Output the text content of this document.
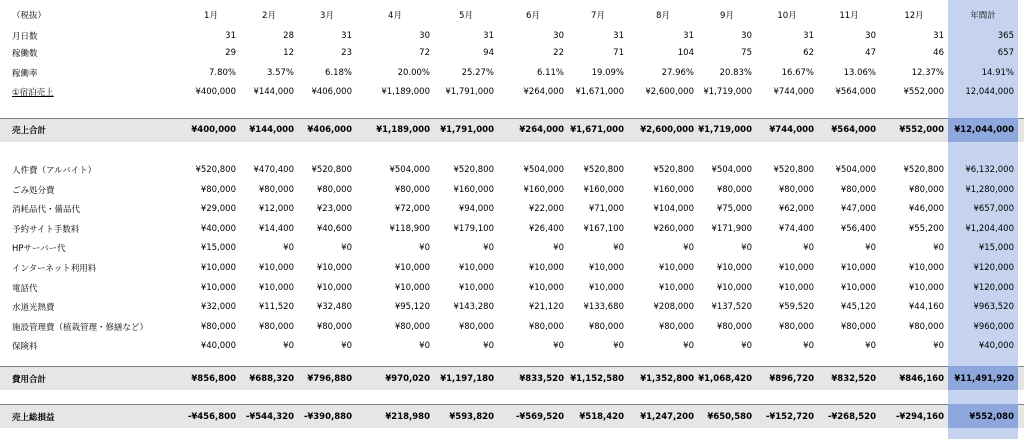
（税抜）	1月	2月	3月	4月	5月	6月	7月	8月	9月	10月	11月	12月	年間計
月日数	31	28	31	30	31	30	31	31	30	31	30	31	365
稼働数	29	12	23	72	94	22	71	104	75	62	47	46	657
稼働率	7.80%	3.57%	6.18%	20.00%	25.27%	6.11%	19.09%	27.96%	20.83%	16.67%	13.06%	12.37%	14.91%
①宿泊売上	¥400,000	¥144,000	¥406,000	¥1,189,000	¥1,791,000	¥264,000	¥1,671,000	¥2,600,000	¥1,719,000	¥744,000	¥564,000	¥552,000	12,044,000
売上合計	¥400,000	¥144,000	¥406,000	¥1,189,000	¥1,791,000	¥264,000 ¥1,671,000	¥2,600,000 ¥1,719,000	¥744,000	¥564,000	¥552,000	¥12,044,000
人件費（アルバイト）	¥520,800	¥470,400	¥520,800	¥504,000	¥520,800	¥504,000	¥520,800	¥520,800	¥504,000	¥520,800	¥504,000	¥520,800	¥6,132,000
ごみ処分費	¥80,000	¥80,000	¥80,000	¥80,000	¥160,000	¥160,000	¥160,000	¥160,000	¥80,000	¥80,000	¥80,000	¥80,000	¥1,280,000
消耗品代・備品代	¥29,000	¥12,000	¥23,000	¥72,000	¥94,000	¥22,000	¥71,000	¥104,000	¥75,000	¥62,000	¥47,000	¥46,000	¥657,000
予約サイト手数料	¥40,000	¥14,400	¥40,600	¥118,900	¥179,100	¥26,400	¥167,100	¥260,000	¥171,900	¥74,400	¥56,400	¥55,200	¥1,204,400
HPサーバー代	¥15,000	¥0	¥0	¥0	¥0	¥0	¥0	¥0	¥0	¥0	¥0	¥0	¥15,000
インターネット利用料	¥10,000	¥10,000	¥10,000	¥10,000	¥10,000	¥10,000	¥10,000	¥10,000	¥10,000	¥10,000	¥10,000	¥10,000	¥120,000
電話代	¥10,000	¥10,000	¥10,000	¥10,000	¥10,000	¥10,000	¥10,000	¥10,000	¥10,000	¥10,000	¥10,000	¥10,000	¥120,000
水道光熱費	¥32,000	¥11,520	¥32,480	¥95,120	¥143,280	¥21,120	¥133,680	¥208,000	¥137,520	¥59,520	¥45,120	¥44,160	¥963,520
施設管理費（植栽管理・修繕など）	¥80,000	¥80,000	¥80,000	¥80,000	¥80,000	¥80,000	¥80,000	¥80,000	¥80,000	¥80,000	¥80,000	¥80,000	¥960,000
保険料	¥40,000	¥0	¥0	¥0	¥0	¥0	¥0	¥0	¥0	¥0	¥0	¥0	¥40,000
費用合計	¥856,800	¥688,320	¥796,880	¥970,020	¥1,197,180	¥833,520 ¥1,152,580	¥1,352,800 ¥1,068,420	¥896,720	¥832,520	¥846,160	¥11,491,920
売上総損益	-¥456,800	-¥544,320	-¥390,880	¥218,980	¥593,820	-¥569,520	¥518,420	¥1,247,200	¥650,580	-¥152,720	-¥268,520	-¥294,160	¥552,080
